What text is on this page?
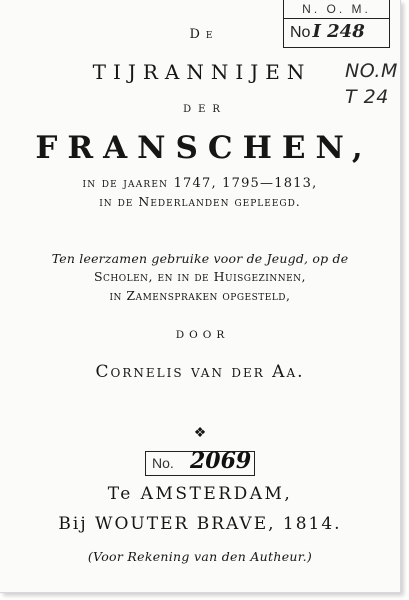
N. O. M.
No I 248
NO.M
T 24
De
TIJRANNIJEN
DER
FRANSCHEN,
in de jaaren 1747, 1795—1813,
in de Nederlanden gepleegd.
Ten leerzamen gebruike voor de Jeugd, op de
Scholen, en in de Huisgezinnen,
in Zamenspraken opgesteld,
DOOR
Cornelis van der Aa.
❖
No. 2069
Te AMSTERDAM,
Bij WOUTER BRAVE, 1814.
(Voor Rekening van den Autheur.)
